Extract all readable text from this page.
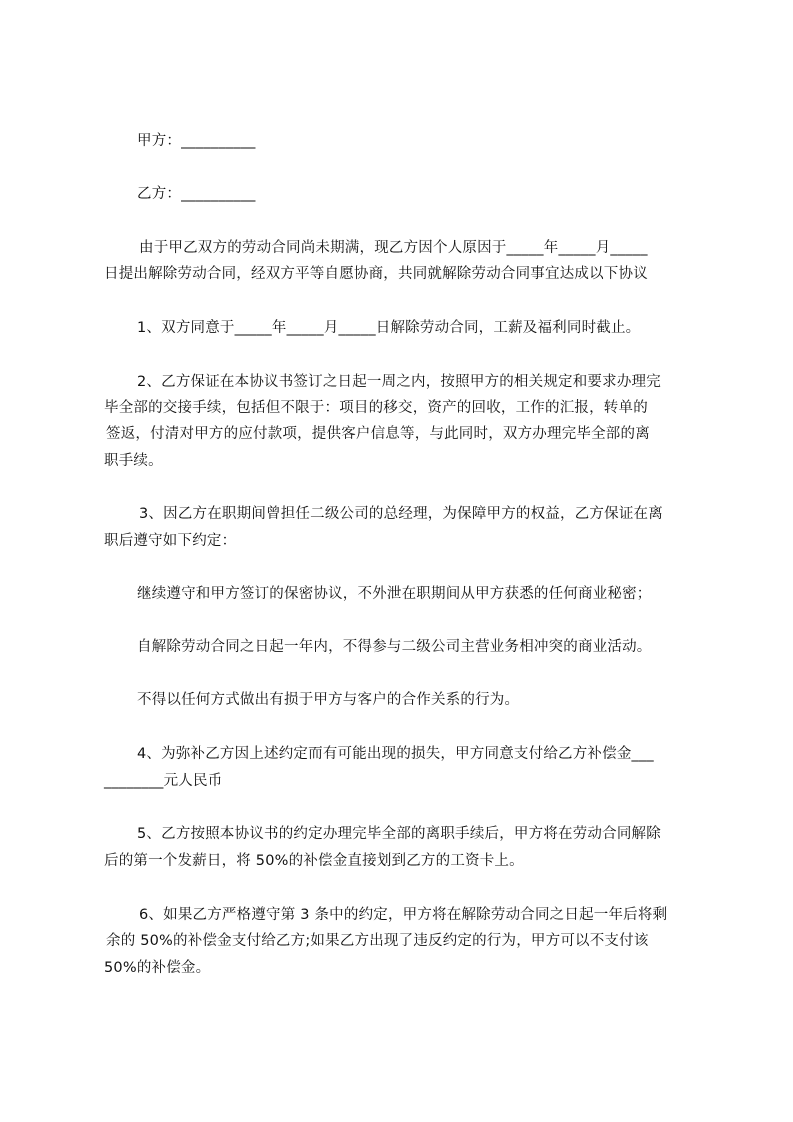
甲方：__________
乙方：__________
由于甲乙双方的劳动合同尚未期满，现乙方因个人原因于_____年_____月_____
日提出解除劳动合同，经双方平等自愿协商，共同就解除劳动合同事宜达成以下协议
1、双方同意于_____年_____月_____日解除劳动合同，工薪及福利同时截止。
2、乙方保证在本协议书签订之日起一周之内，按照甲方的相关规定和要求办理完
毕全部的交接手续，包括但不限于：项目的移交，资产的回收，工作的汇报，转单的
签返，付清对甲方的应付款项，提供客户信息等，与此同时，双方办理完毕全部的离
职手续。
3、因乙方在职期间曾担任二级公司的总经理，为保障甲方的权益，乙方保证在离
职后遵守如下约定：
继续遵守和甲方签订的保密协议，不外泄在职期间从甲方获悉的任何商业秘密；
自解除劳动合同之日起一年内，不得参与二级公司主营业务相冲突的商业活动。
不得以任何方式做出有损于甲方与客户的合作关系的行为。
4、为弥补乙方因上述约定而有可能出现的损失，甲方同意支付给乙方补偿金___
________元人民币
5、乙方按照本协议书的约定办理完毕全部的离职手续后，甲方将在劳动合同解除
后的第一个发薪日，将 50%的补偿金直接划到乙方的工资卡上。
6、如果乙方严格遵守第 3 条中的约定，甲方将在解除劳动合同之日起一年后将剩
余的 50%的补偿金支付给乙方;如果乙方出现了违反约定的行为，甲方可以不支付该
50%的补偿金。
